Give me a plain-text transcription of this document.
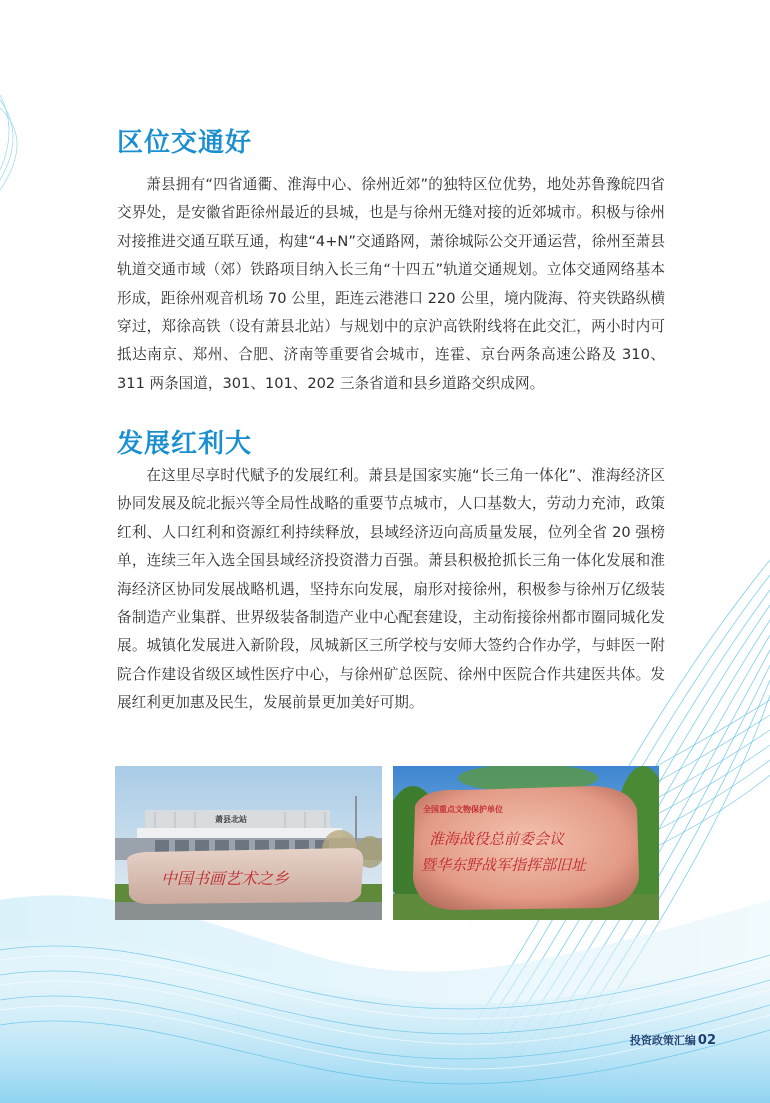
区位交通好

萧县拥有“四省通衢、淮海中心、徐州近郊”的独特区位优势，地处苏鲁豫皖四省交界处，是安徽省距徐州最近的县城，也是与徐州无缝对接的近郊城市。积极与徐州对接推进交通互联互通，构建“4+N”交通路网，萧徐城际公交开通运营，徐州至萧县轨道交通市域（郊）铁路项目纳入长三角“十四五”轨道交通规划。立体交通网络基本形成，距徐州观音机场 70 公里，距连云港港口 220 公里，境内陇海、符夹铁路纵横穿过，郑徐高铁（设有萧县北站）与规划中的京沪高铁附线将在此交汇，两小时内可抵达南京、郑州、合肥、济南等重要省会城市，连霍、京台两条高速公路及 310、311 两条国道，301、101、202 三条省道和县乡道路交织成网。

发展红利大

在这里尽享时代赋予的发展红利。萧县是国家实施“长三角一体化”、淮海经济区协同发展及皖北振兴等全局性战略的重要节点城市，人口基数大，劳动力充沛，政策红利、人口红利和资源红利持续释放，县域经济迈向高质量发展，位列全省 20 强榜单，连续三年入选全国县域经济投资潜力百强。萧县积极抢抓长三角一体化发展和淮海经济区协同发展战略机遇，坚持东向发展，扇形对接徐州，积极参与徐州万亿级装备制造产业集群、世界级装备制造产业中心配套建设，主动衔接徐州都市圈同城化发展。城镇化发展进入新阶段，凤城新区三所学校与安师大签约合作办学，与蚌医一附院合作建设省级区域性医疗中心，与徐州矿总医院、徐州中医院合作共建医共体。发展红利更加惠及民生，发展前景更加美好可期。

萧县北站
中国书画艺术之乡
全国重点文物保护单位
淮海战役总前委会议
暨华东野战军指挥部旧址
投资政策汇编 02
